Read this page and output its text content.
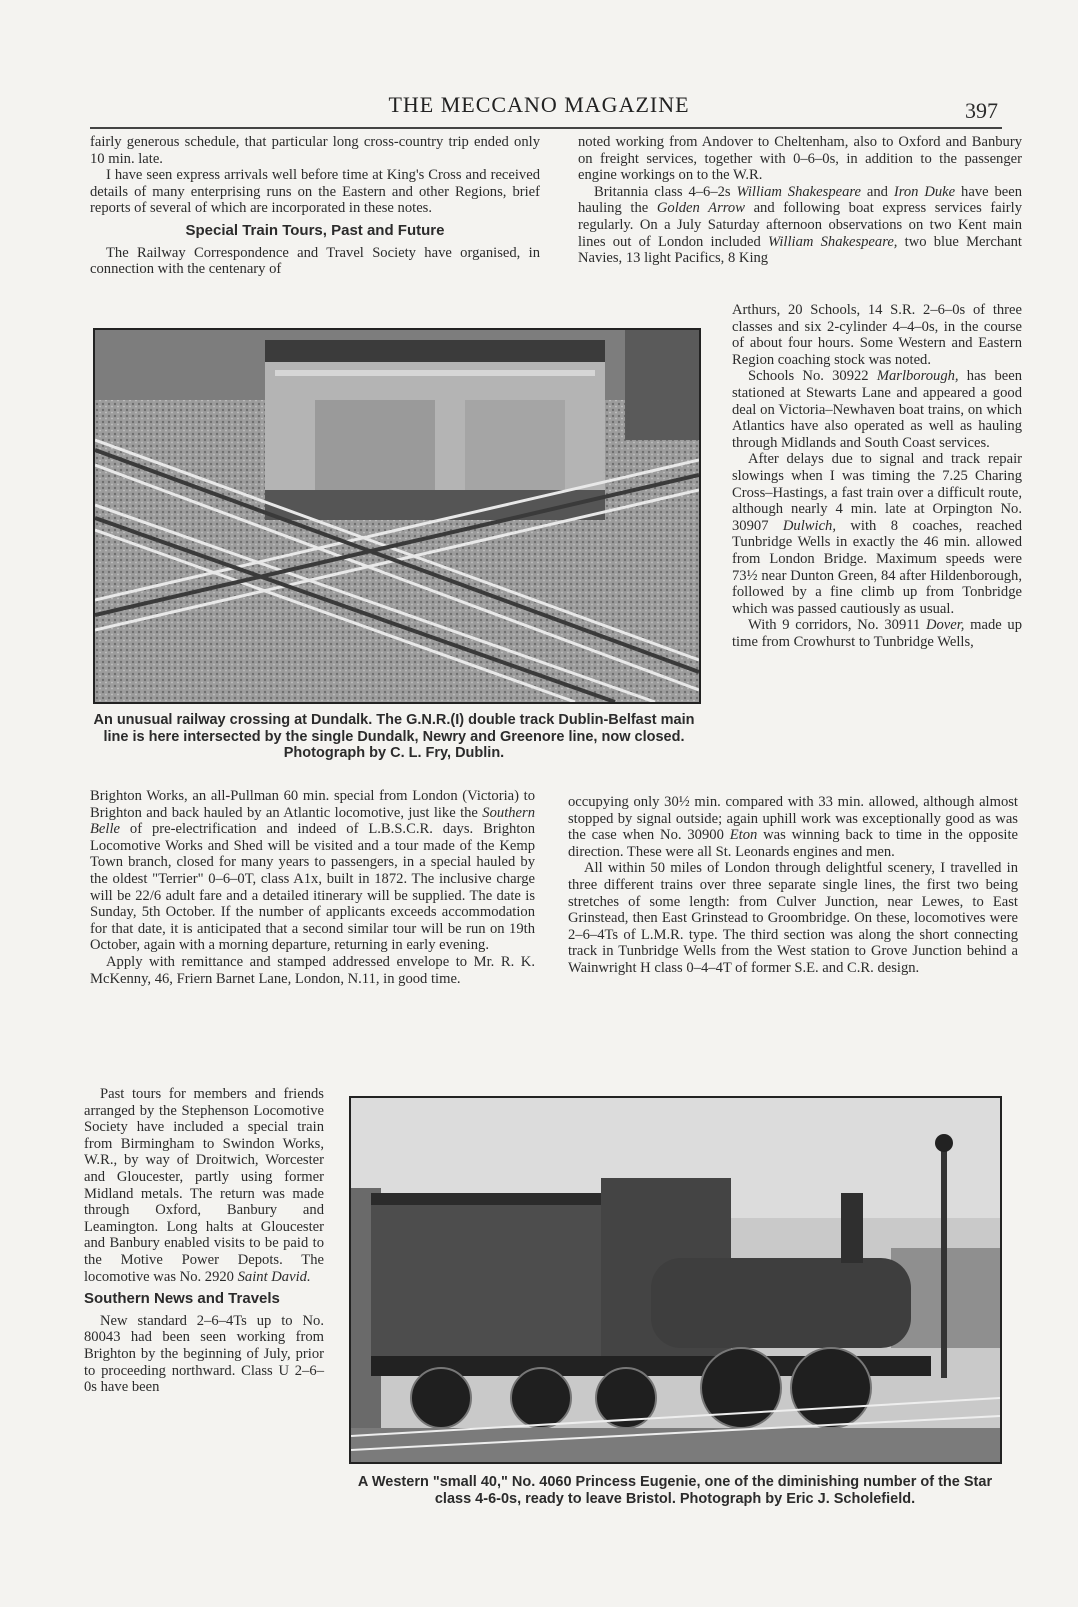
THE MECCANO MAGAZINE	397

fairly generous schedule, that particular long cross-country trip ended only 10 min. late.

I have seen express arrivals well before time at King's Cross and received details of many enterprising runs on the Eastern and other Regions, brief reports of several of which are incorporated in these notes.

Special Train Tours, Past and Future

The Railway Correspondence and Travel Society have organised, in connection with the centenary of

noted working from Andover to Cheltenham, also to Oxford and Banbury on freight services, together with 0–6–0s, in addition to the passenger engine workings on to the W.R.

Britannia class 4–6–2s William Shakespeare and Iron Duke have been hauling the Golden Arrow and following boat express services fairly regularly. On a July Saturday afternoon observations on two Kent main lines out of London included William Shakespeare, two blue Merchant Navies, 13 light Pacifics, 8 King

An unusual railway crossing at Dundalk. The G.N.R.(I) double track Dublin-Belfast main line is here intersected by the single Dundalk, Newry and Greenore line, now closed. Photograph by C. L. Fry, Dublin.

Arthurs, 20 Schools, 14 S.R. 2–6–0s of three classes and six 2-cylinder 4–4–0s, in the course of about four hours. Some Western and Eastern Region coaching stock was noted.

Schools No. 30922 Marlborough, has been stationed at Stewarts Lane and appeared a good deal on Victoria–Newhaven boat trains, on which Atlantics have also operated as well as hauling through Midlands and South Coast services.

After delays due to signal and track repair slowings when I was timing the 7.25 Charing Cross–Hastings, a fast train over a difficult route, although nearly 4 min. late at Orpington No. 30907 Dulwich, with 8 coaches, reached Tunbridge Wells in exactly the 46 min. allowed from London Bridge. Maximum speeds were 73½ near Dunton Green, 84 after Hildenborough, followed by a fine climb up from Tonbridge which was passed cautiously as usual.

With 9 corridors, No. 30911 Dover, made up time from Crowhurst to Tunbridge Wells,

Brighton Works, an all-Pullman 60 min. special from London (Victoria) to Brighton and back hauled by an Atlantic locomotive, just like the Southern Belle of pre-electrification and indeed of L.B.S.C.R. days. Brighton Locomotive Works and Shed will be visited and a tour made of the Kemp Town branch, closed for many years to passengers, in a special hauled by the oldest "Terrier" 0–6–0T, class A1x, built in 1872. The inclusive charge will be 22/6 adult fare and a detailed itinerary will be supplied. The date is Sunday, 5th October. If the number of applicants exceeds accommodation for that date, it is anticipated that a second similar tour will be run on 19th October, again with a morning departure, returning in early evening.

Apply with remittance and stamped addressed envelope to Mr. R. K. McKenny, 46, Friern Barnet Lane, London, N.11, in good time.

occupying only 30½ min. compared with 33 min. allowed, although almost stopped by signal outside; again uphill work was exceptionally good as was the case when No. 30900 Eton was winning back to time in the opposite direction. These were all St. Leonards engines and men.

All within 50 miles of London through delightful scenery, I travelled in three different trains over three separate single lines, the first two being stretches of some length: from Culver Junction, near Lewes, to East Grinstead, then East Grinstead to Groombridge. On these, locomotives were 2–6–4Ts of L.M.R. type. The third section was along the short connecting track in Tunbridge Wells from the West station to Grove Junction behind a Wainwright H class 0–4–4T of former S.E. and C.R. design.

Past tours for members and friends arranged by the Stephenson Locomotive Society have included a special train from Birmingham to Swindon Works, W.R., by way of Droitwich, Worcester and Gloucester, partly using former Midland metals. The return was made through Oxford, Banbury and Leamington. Long halts at Gloucester and Banbury enabled visits to be paid to the Motive Power Depots. The locomotive was No. 2920 Saint David.

Southern News and Travels

New standard 2–6–4Ts up to No. 80043 had been seen working from Brighton by the beginning of July, prior to proceeding northward. Class U 2–6–0s have been

A Western "small 40," No. 4060 Princess Eugenie, one of the diminishing number of the Star class 4-6-0s, ready to leave Bristol. Photograph by Eric J. Scholefield.
